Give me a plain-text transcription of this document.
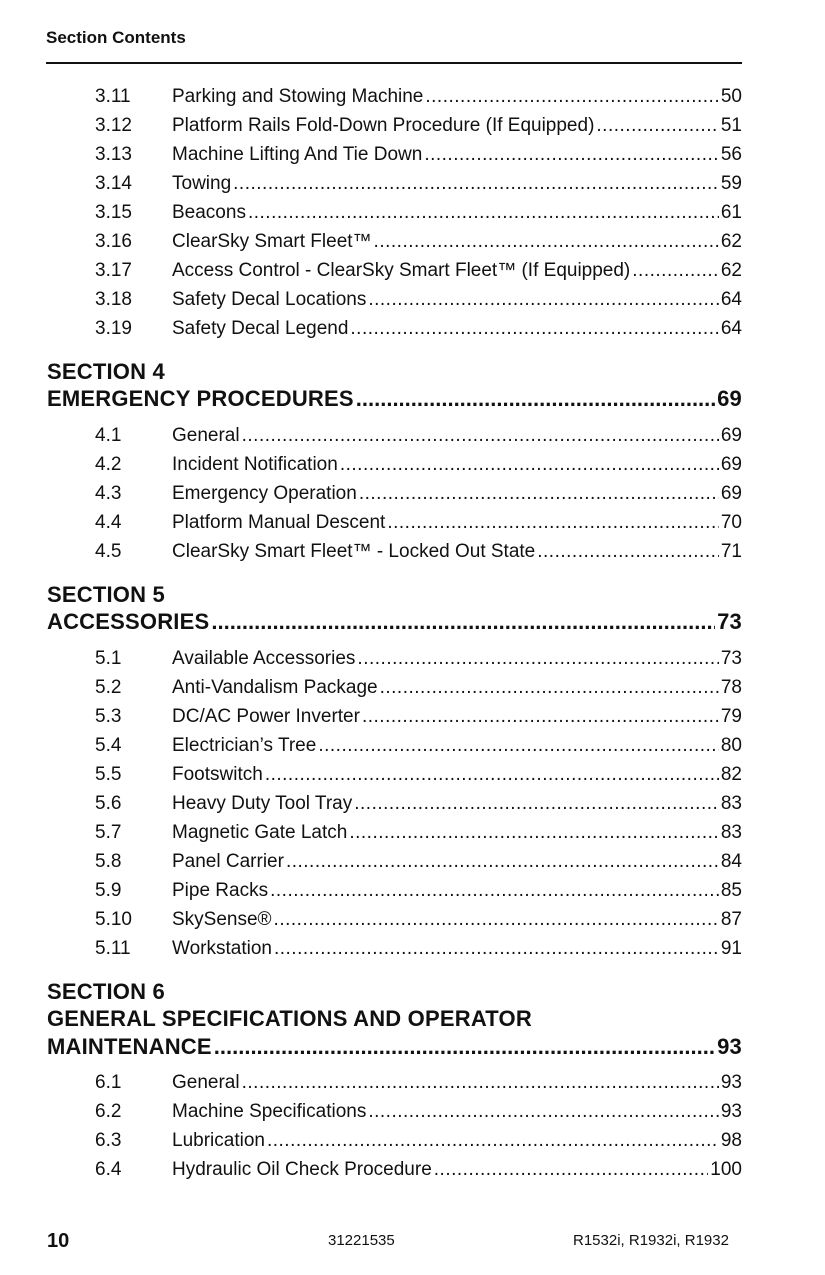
Section Contents
3.11	Parking and Stowing Machine .....	50
3.12	Platform Rails Fold-Down Procedure (If Equipped) .....	51
3.13	Machine Lifting And Tie Down .....	56
3.14	Towing .....	59
3.15	Beacons .....	61
3.16	ClearSky Smart Fleet™ .....	62
3.17	Access Control - ClearSky Smart Fleet™ (If Equipped) .....	62
3.18	Safety Decal Locations .....	64
3.19	Safety Decal Legend .....	64
SECTION 4
EMERGENCY PROCEDURES .....	69
4.1	General .....	69
4.2	Incident Notification .....	69
4.3	Emergency Operation .....	69
4.4	Platform Manual Descent .....	70
4.5	ClearSky Smart Fleet™ - Locked Out State .....	71
SECTION 5
ACCESSORIES .....	73
5.1	Available Accessories .....	73
5.2	Anti-Vandalism Package .....	78
5.3	DC/AC Power Inverter .....	79
5.4	Electrician’s Tree .....	80
5.5	Footswitch .....	82
5.6	Heavy Duty Tool Tray .....	83
5.7	Magnetic Gate Latch .....	83
5.8	Panel Carrier .....	84
5.9	Pipe Racks .....	85
5.10	SkySense® .....	87
5.11	Workstation .....	91
SECTION 6
GENERAL SPECIFICATIONS AND OPERATOR
MAINTENANCE .....	93
6.1	General .....	93
6.2	Machine Specifications .....	93
6.3	Lubrication .....	98
6.4	Hydraulic Oil Check Procedure .....	100
10	31221535	R1532i, R1932i, R1932
